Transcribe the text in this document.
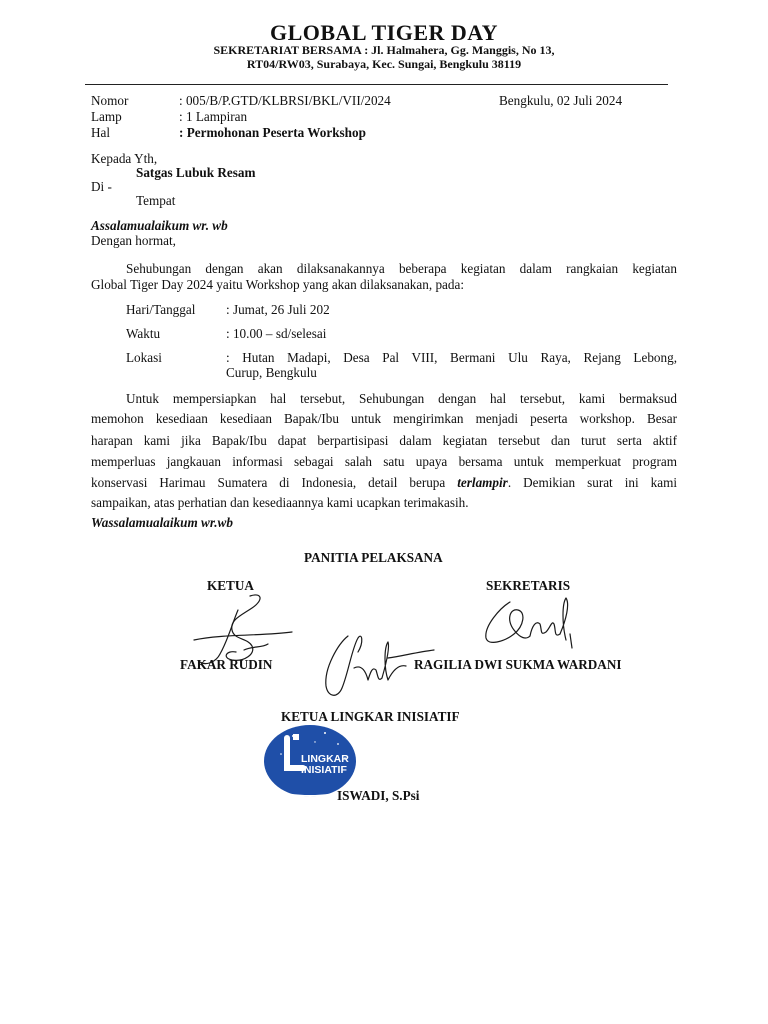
GLOBAL TIGER DAY
SEKRETARIAT BERSAMA : Jl. Halmahera, Gg. Manggis, No 13,
RT04/RW03, Surabaya, Kec. Sungai, Bengkulu 38119
Nomor	: 005/B/P.GTD/KLBRSI/BKL/VII/2024	Bengkulu, 02 Juli 2024
Lamp	: 1 Lampiran
Hal	: Permohonan Peserta Workshop
Kepada Yth,
Satgas Lubuk Resam
Di -
Tempat
Assalamualaikum wr. wb
Dengan hormat,
Sehubungan dengan akan dilaksanakannya beberapa kegiatan dalam rangkaian kegiatan
Global Tiger Day 2024 yaitu Workshop yang akan dilaksanakan, pada:
Hari/Tanggal : Jumat, 26 Juli 202
Waktu	: 10.00 – sd/selesai
Lokasi	: Hutan Madapi, Desa Pal VIII, Bermani Ulu Raya, Rejang Lebong,
Curup, Bengkulu
Untuk mempersiapkan hal tersebut, Sehubungan dengan hal tersebut, kami bermaksud
memohon kesediaan kesediaan Bapak/Ibu untuk mengirimkan menjadi peserta workshop. Besar
harapan kami jika Bapak/Ibu dapat berpartisipasi dalam kegiatan tersebut dan turut serta aktif
memperluas jangkauan informasi sebagai salah satu upaya bersama untuk memperkuat program
konservasi Harimau Sumatera di Indonesia, detail berupa terlampir. Demikian surat ini kami
sampaikan, atas perhatian dan kesediaannya kami ucapkan terimakasih.
Wassalamualaikum wr.wb
PANITIA PELAKSANA
KETUA	SEKRETARIS
FAKAR RUDIN	RAGILIA DWI SUKMA WARDANI
KETUA LINGKAR INISIATIF
LINGKAR
INISIATIF
ISWADI, S.Psi
